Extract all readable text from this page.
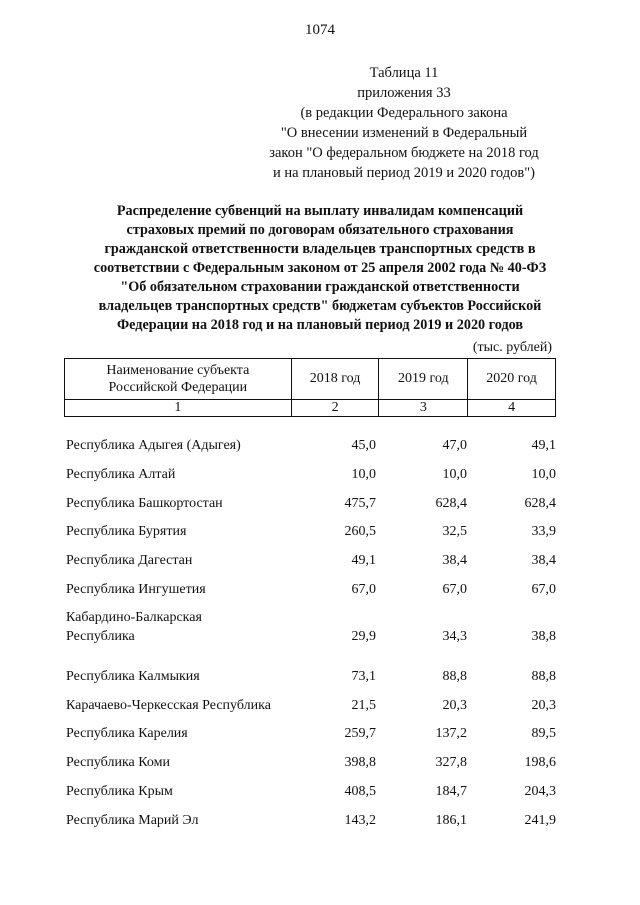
1074
Таблица 11
приложения 33
(в редакции Федерального закона
"О внесении изменений в Федеральный
закон "О федеральном бюджете на 2018 год
и на плановый период 2019 и 2020 годов")
Распределение субвенций на выплату инвалидам компенсаций
страховых премий по договорам обязательного страхования
гражданской ответственности владельцев транспортных средств в
соответствии с Федеральным законом от 25 апреля 2002 года № 40-ФЗ
"Об обязательном страховании гражданской ответственности
владельцев транспортных средств" бюджетам субъектов Российской
Федерации на 2018 год и на плановый период 2019 и 2020 годов
(тыс. рублей)
Наименование субъекта Российской Федерации	2018 год	2019 год	2020 год
1	2	3	4
Республика Адыгея (Адыгея)	45,0	47,0	49,1
Республика Алтай	10,0	10,0	10,0
Республика Башкортостан	475,7	628,4	628,4
Республика Бурятия	260,5	32,5	33,9
Республика Дагестан	49,1	38,4	38,4
Республика Ингушетия	67,0	67,0	67,0
Кабардино-Балкарская Республика	29,9	34,3	38,8
Республика Калмыкия	73,1	88,8	88,8
Карачаево-Черкесская Республика	21,5	20,3	20,3
Республика Карелия	259,7	137,2	89,5
Республика Коми	398,8	327,8	198,6
Республика Крым	408,5	184,7	204,3
Республика Марий Эл	143,2	186,1	241,9
